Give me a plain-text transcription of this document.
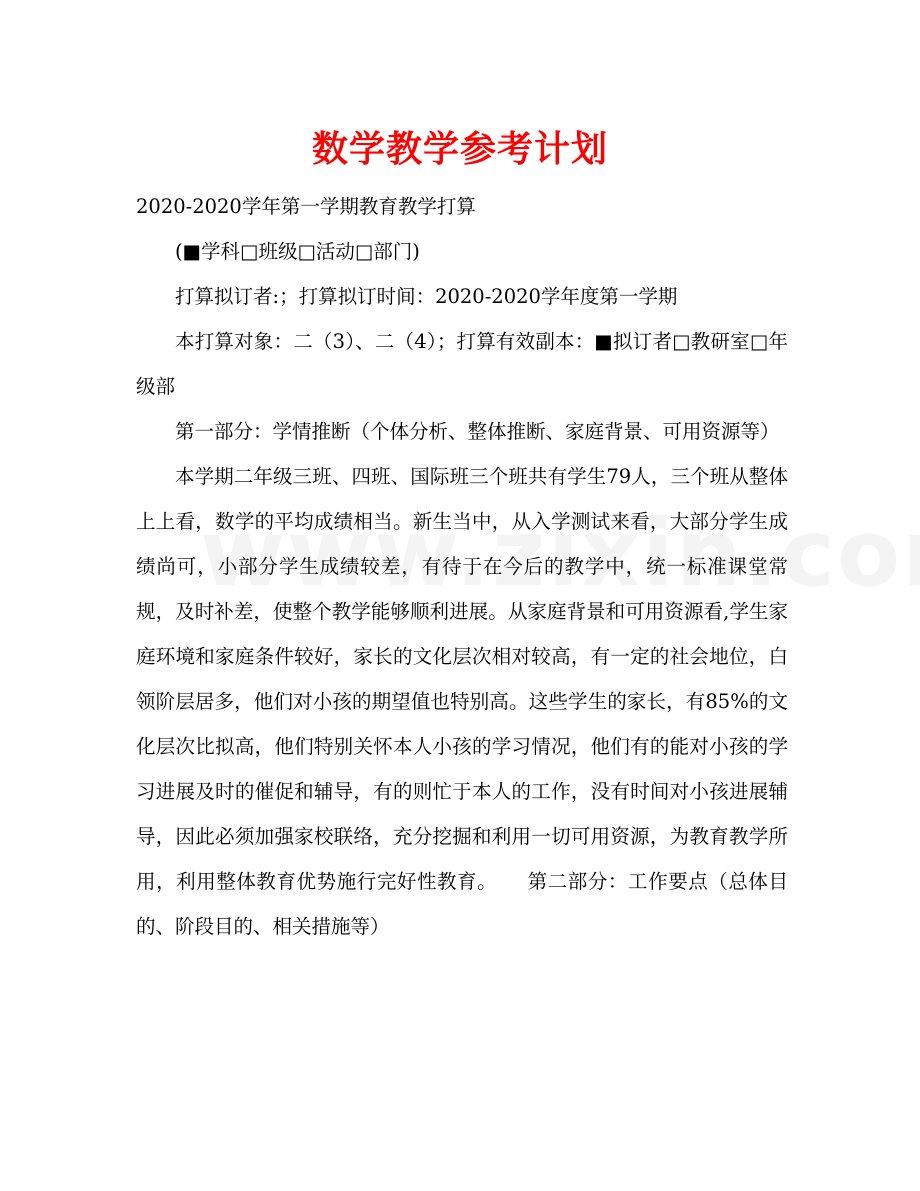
数学教学参考计划

2020-2020学年第一学期教育教学打算

(■学科□班级□活动□部门)

打算拟订者:；打算拟订时间：2020-2020学年度第一学期

本打算对象：二（3）、二（4）；打算有效副本：■拟订者□教研室□年级部

第一部分：学情推断（个体分析、整体推断、家庭背景、可用资源等）

本学期二年级三班、四班、国际班三个班共有学生79人，三个班从整体上上看，数学的平均成绩相当。新生当中，从入学测试来看，大部分学生成绩尚可，小部分学生成绩较差，有待于在今后的教学中，统一标准课堂常规，及时补差，使整个教学能够顺利进展。从家庭背景和可用资源看,学生家庭环境和家庭条件较好，家长的文化层次相对较高，有一定的社会地位，白领阶层居多，他们对小孩的期望值也特别高。这些学生的家长，有85%的文化层次比拟高，他们特别关怀本人小孩的学习情况，他们有的能对小孩的学习进展及时的催促和辅导，有的则忙于本人的工作，没有时间对小孩进展辅导，因此必须加强家校联络，充分挖掘和利用一切可用资源，为教育教学所用，利用整体教育优势施行完好性教育。　　第二部分：工作要点（总体目的、阶段目的、相关措施等）
